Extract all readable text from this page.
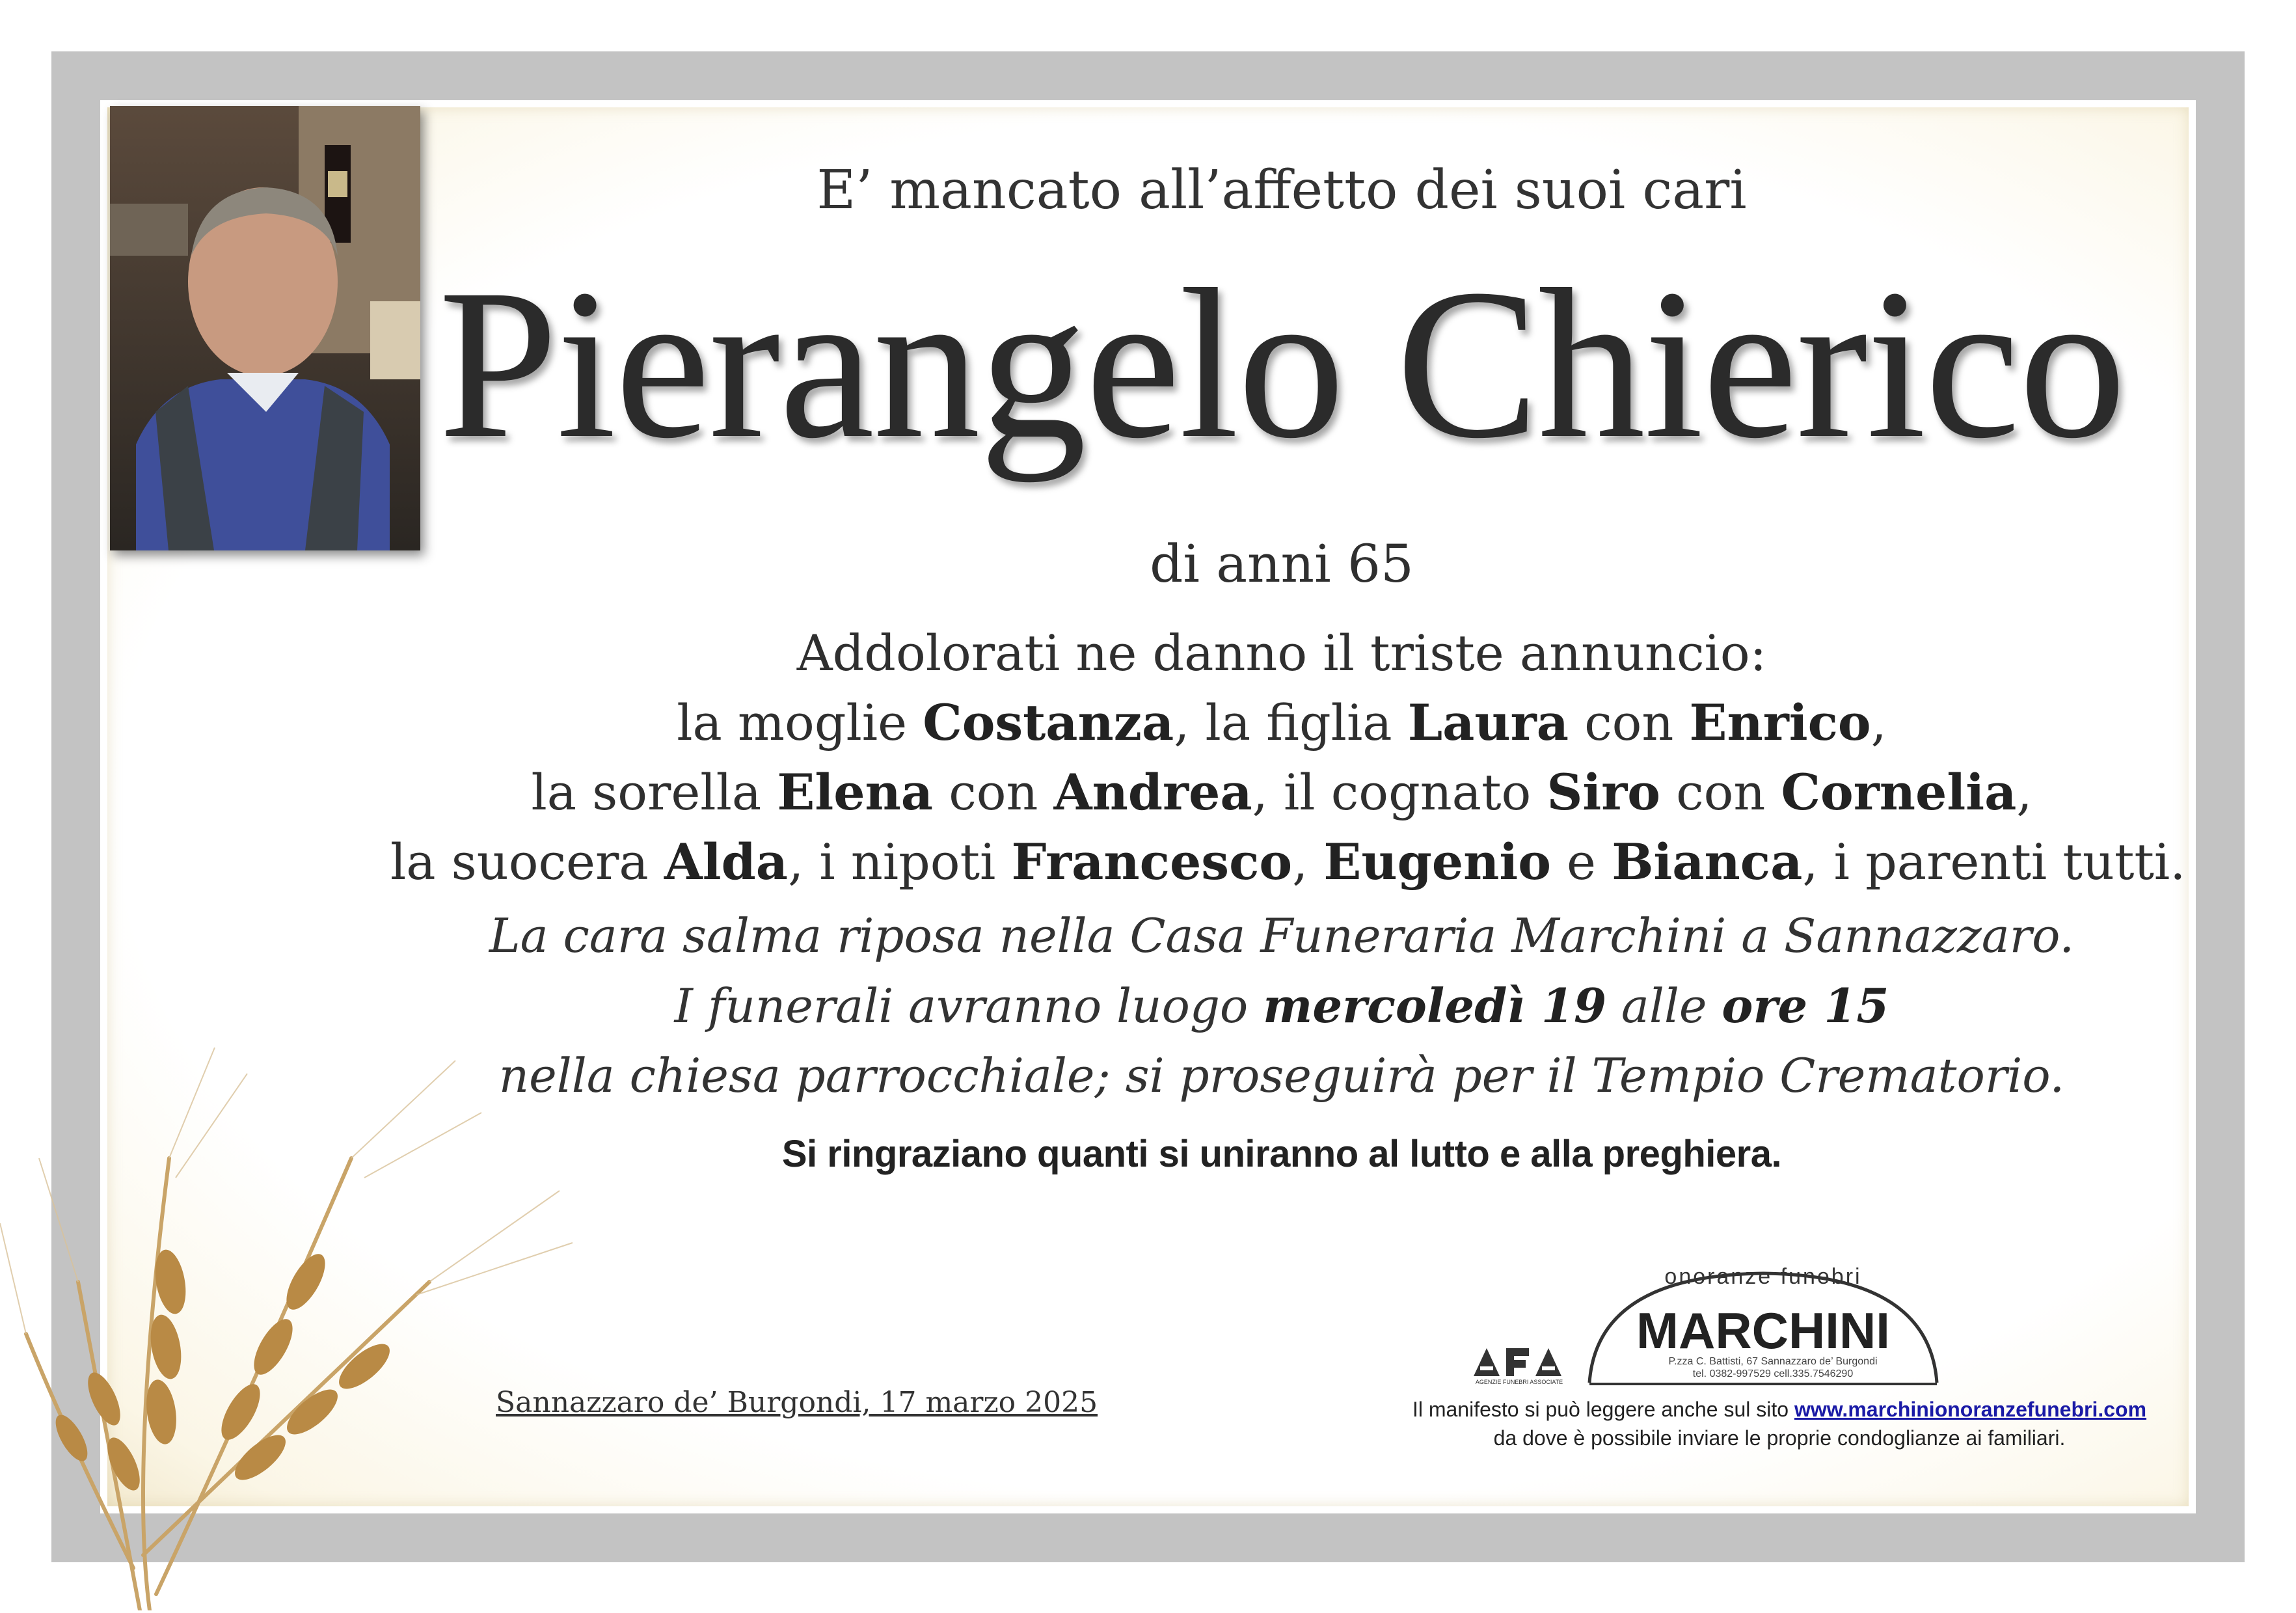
E’ mancato all’affetto dei suoi cari
Pierangelo Chierico
di anni 65
Addolorati ne danno il triste annuncio:
la moglie Costanza, la figlia Laura con Enrico,
la sorella Elena con Andrea, il cognato Siro con Cornelia,
la suocera Alda, i nipoti Francesco, Eugenio e Bianca, i parenti tutti.
La cara salma riposa nella Casa Funeraria Marchini a Sannazzaro.
I funerali avranno luogo mercoledì 19 alle ore 15
nella chiesa parrocchiale; si proseguirà per il Tempio Crematorio.
Si ringraziano quanti si uniranno al lutto e alla preghiera.
Sannazzaro de’ Burgondi, 17 marzo 2025
AGENZIE FUNEBRI ASSOCIATE
onoranze funebri
MARCHINI
P.zza C. Battisti, 67 Sannazzaro de’ Burgondi
tel. 0382-997529 cell.335.7546290
Il manifesto si può leggere anche sul sito www.marchinionoranzefunebri.com
da dove è possibile inviare le proprie condoglianze ai familiari.
